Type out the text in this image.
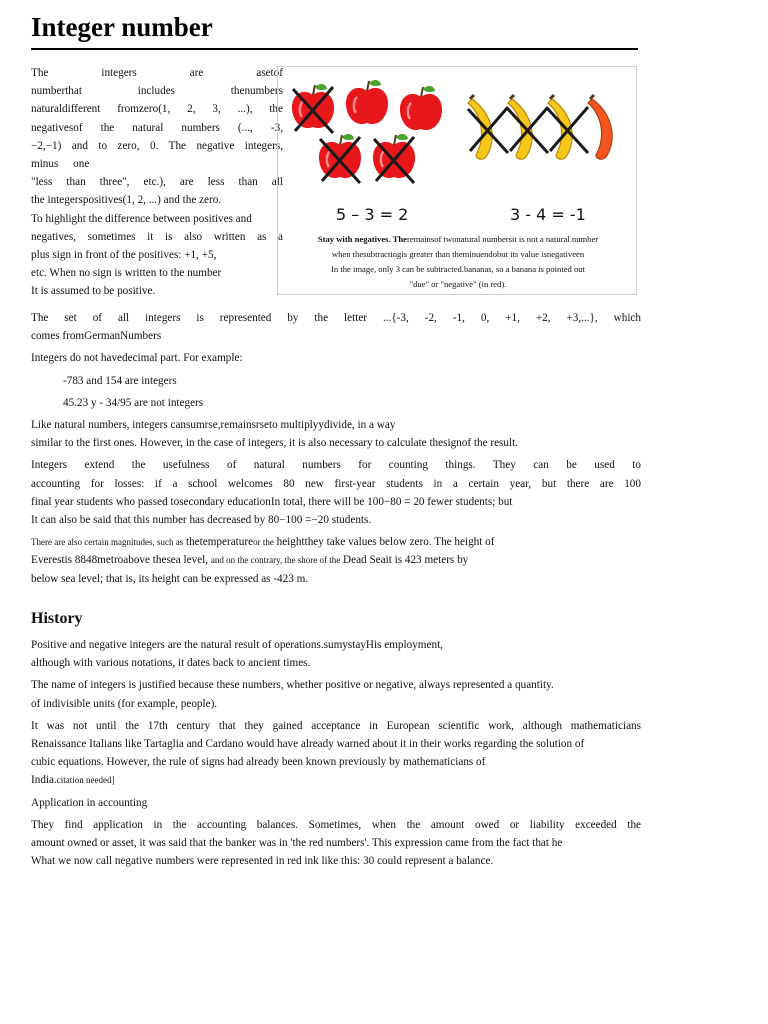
Integer number
The integers are asetof
numberthat includes thenumbers
naturaldifferent fromzero(1, 2, 3, ...), the
negativesof the natural numbers (..., -3,
−2,−1) and to zero, 0. The negative integers,
minus one
"less than three", etc.), are less than all
the integerspositives(1, 2, ...) and the zero.
To highlight the difference between positives and
negatives, sometimes it is also written as a
plus sign in front of the positives: +1, +5,
etc. When no sign is written to the number
It is assumed to be positive.
5 – 3 = 2	3 - 4 = -1
Stay with negatives. Theremainsof twonatural numbersit is not a natural number
when thesubtractingis greater than theminuendobut its value isnegativeen
In the image, only 3 can be subtracted.bananas, so a banana is pointed out
"due" or "negative" (in red).

The set of all integers is represented by the letter ...{-3, -2, -1, 0, +1, +2, +3,...}, which
comes fromGermanNumbers

Integers do not havedecimal part. For example:

-783 and 154 are integers

45.23 y - 34/95 are not integers

Like natural numbers, integers cansumrse,remainsrseto multiplyydivide, in a way
similar to the first ones. However, in the case of integers, it is also necessary to calculate thesignof the result.

Integers extend the usefulness of natural numbers for counting things. They can be used to
accounting for losses: if a school welcomes 80 new first-year students in a certain year, but there are 100
final year students who passed tosecondary educationIn total, there will be 100−80 = 20 fewer students; but
It can also be said that this number has decreased by 80−100 =−20 students.

There are also certain magnitudes, such as thetemperatureor the heightthey take values below zero. The height of
Everestis 8848metroabove thesea level, and on the contrary, the shore of the Dead Seait is 423 meters by
below sea level; that is, its height can be expressed as -423 m.

History

Positive and negative integers are the natural result of operations.sumystayHis employment,
although with various notations, it dates back to ancient times.

The name of integers is justified because these numbers, whether positive or negative, always represented a quantity.
of indivisible units (for example, people).

It was not until the 17th century that they gained acceptance in European scientific work, although mathematicians
Renaissance Italians like Tartaglia and Cardano would have already warned about it in their works regarding the solution of
cubic equations. However, the rule of signs had already been known previously by mathematicians of
India.citation needed]

Application in accounting

They find application in the accounting balances. Sometimes, when the amount owed or liability exceeded the
amount owned or asset, it was said that the banker was in 'the red numbers'. This expression came from the fact that he
What we now call negative numbers were represented in red ink like this: 30 could represent a balance.
